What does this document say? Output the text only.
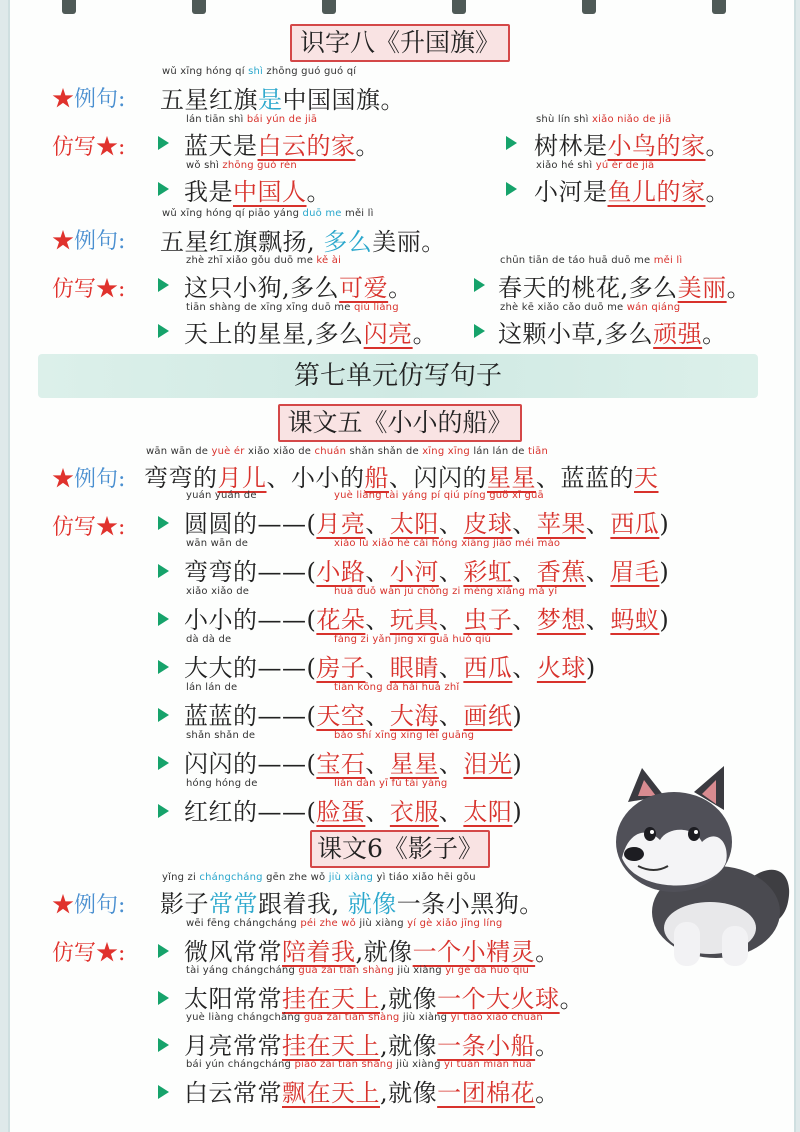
识字八《升国旗》
★例句:
wǔ xīng hóng qí shì zhōng guó guó qí
五星红旗是中国国旗。
仿写★:
lán tiān shì bái yún de jiā
蓝天是白云的家。
shù lín shì xiǎo niǎo de jiā
树林是小鸟的家。
wǒ shì zhōng guó rén
我是中国人。
xiǎo hé shì yú ér de jiā
小河是鱼儿的家。
★例句:
wǔ xīng hóng qí piāo yáng duō me měi lì
五星红旗飘扬, 多么美丽。
仿写★:
zhè zhī xiǎo gǒu duō me kě ài
这只小狗,多么可爱。
chūn tiān de táo huā duō me měi lì
春天的桃花,多么美丽。
tiān shàng de xīng xīng duō me qiú liàng
天上的星星,多么闪亮。
zhè kē xiǎo cǎo duō me wán qiáng
这颗小草,多么顽强。
第七单元仿写句子
课文五《小小的船》
★例句:
wān wān de yuè ér xiǎo xiǎo de chuán shǎn shǎn de xīng xīng lán lán de tiān
弯弯的月儿、小小的船、闪闪的星星、蓝蓝的天
仿写★:
yuán yuán de	yuè liàng tài yáng pí qiú píng guǒ xī guā
圆圆的——(月亮、太阳、皮球、苹果、西瓜)
wān wān de	xiǎo lù xiǎo hé cǎi hóng xiāng jiāo méi máo
弯弯的——(小路、小河、彩虹、香蕉、眉毛)
xiǎo xiǎo de	huā duǒ wán jù chóng zi mèng xiǎng mǎ yǐ
小小的——(花朵、玩具、虫子、梦想、蚂蚁)
dà dà de	fáng zi yǎn jing xī guā huǒ qiú
大大的——(房子、眼睛、西瓜、火球)
lán lán de	tiān kōng dà hǎi huà zhǐ
蓝蓝的——(天空、大海、画纸)
shǎn shǎn de	bǎo shí xīng xīng lèi guāng
闪闪的——(宝石、星星、泪光)
hóng hóng de	liǎn dàn yī fú tài yáng
红红的——(脸蛋、衣服、太阳)
课文6《影子》
★例句:
yǐng zi chángcháng gēn zhe wǒ jiù xiàng yì tiáo xiǎo hēi gǒu
影子常常跟着我, 就像一条小黑狗。
仿写★:
wēi fēng chángcháng péi zhe wǒ jiù xiàng yí gè xiǎo jīng líng
微风常常陪着我,就像一个小精灵。
tài yáng chángcháng guà zài tiān shàng jiù xiàng yí gè dà huǒ qiú
太阳常常挂在天上,就像一个大火球。
yuè liàng chángcháng guà zài tiān shàng jiù xiàng yì tiáo xiǎo chuán
月亮常常挂在天上,就像一条小船。
bái yún chángcháng piāo zài tiān shàng jiù xiàng yì tuán mián huā
白云常常飘在天上,就像一团棉花。
